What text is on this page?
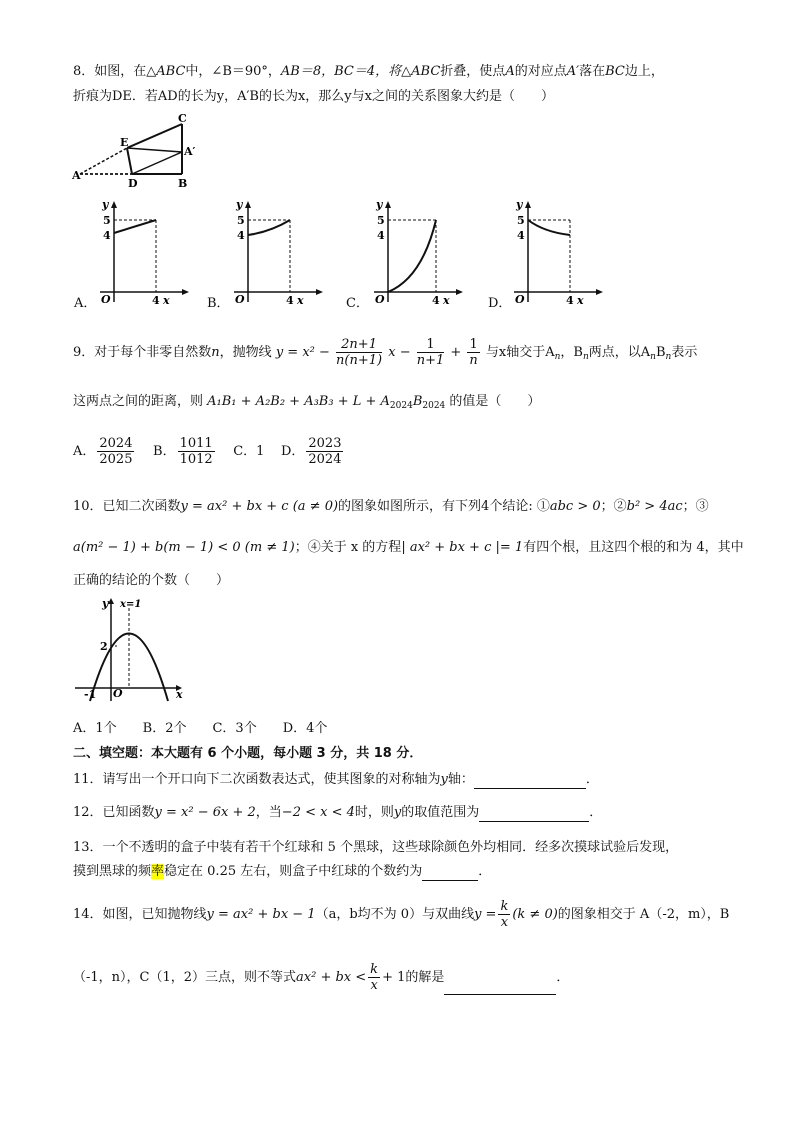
8．如图，在△ABC中，∠B＝90°，AB＝8，BC＝4，将△ABC折叠，使点A的对应点A′落在BC边上，
折痕为DE．若AD的长为y，A′B的长为x，那么y与x之间的关系图象大约是（　　）
C
E
A′
A
D	B
A．
y
5
4
O	4 x	B．
y
5
4
O	4 x	C．
y
5
4
O	4 x	D．
y
5
4
O	4 x
9．对于每个非零自然数n，抛物线 $y = x^2 - \frac{2n+1}{n(n+1)}$ $x - \frac{1}{n+1} + \frac{1}{n}$ 与x轴交于$A_n$，$B_n$两点，以$A_nB_n$表示
这两点之间的距离，则 $A_1B_1 + A_2B_2 + A_3B_3 + L + A_{2024}B_{2024}$ 的值是（　　）
A． $\frac{2024}{2025}$ B． $\frac{1011}{1012}$ C．1 D． $\frac{2023}{2024}$
10．已知二次函数y = ax² + bx + c (a ≠ 0)的图象如图所示，有下列4个结论: ①abc > 0；②b² > 4ac；③
a(m² − 1) + b(m − 1) < 0 (m ≠ 1)；④关于 x 的方程| ax² + bx + c |= 1有四个根，且这四个根的和为 4，其中
正确的结论的个数（　　）
y x=1
2
-1 O	x
A．1个　　B．2个　　C．3个　　D．4个
二、填空题：本大题有 6 个小题，每小题 3 分，共 18 分．
11．请写出一个开口向下二次函数表达式，使其图象的对称轴为y轴：	．
12．已知函数y = x² − 6x + 2，当−2 < x < 4时，则y的取值范围为	．
13．一个不透明的盒子中装有若干个红球和 5 个黑球，这些球除颜色外均相同．经多次摸球试验后发现，
摸到黑球的频率稳定在 0.25 左右，则盒子中红球的个数约为	．
14．如图，已知抛物线y = ax² + bx − 1（a，b均不为 0）与双曲线$y = \frac{k}{x} (k \ne 0)$的图象相交于 A（-2，m），B
（-1，n），C（1，2）三点，则不等式ax² + bx < $\frac{k}{x} + 1$的解是	．
